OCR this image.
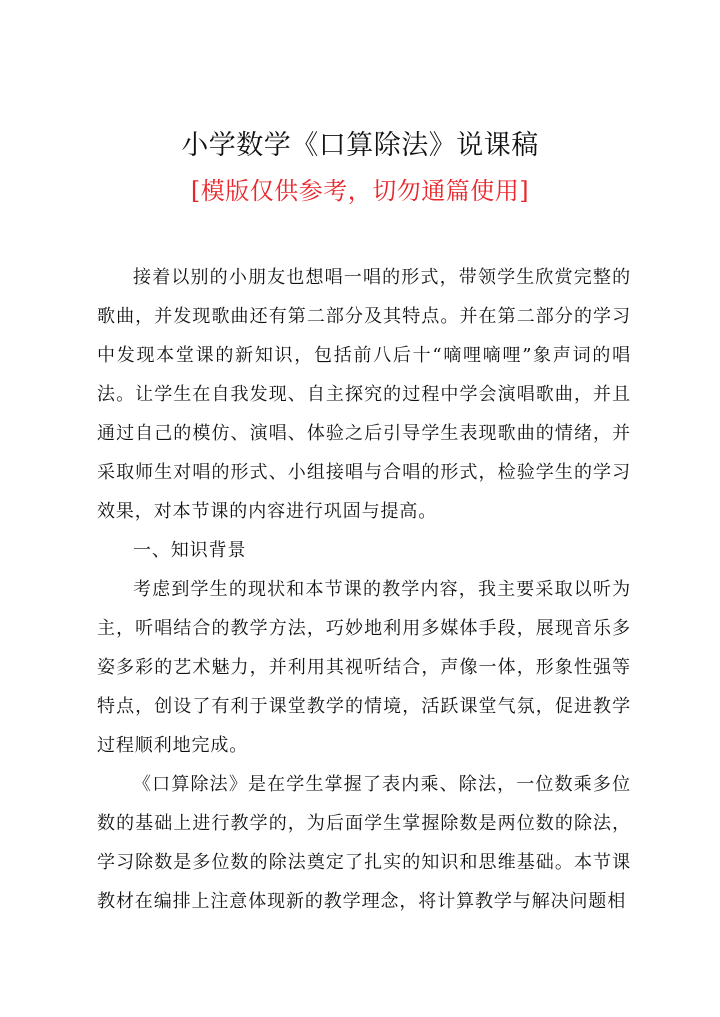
小学数学《口算除法》说课稿
[模版仅供参考，切勿通篇使用]

接着以别的小朋友也想唱一唱的形式，带领学生欣赏完整的歌曲，并发现歌曲还有第二部分及其特点。并在第二部分的学习中发现本堂课的新知识，包括前八后十“嘀哩嘀哩”象声词的唱法。让学生在自我发现、自主探究的过程中学会演唱歌曲，并且通过自己的模仿、演唱、体验之后引导学生表现歌曲的情绪，并采取师生对唱的形式、小组接唱与合唱的形式，检验学生的学习效果，对本节课的内容进行巩固与提高。

一、知识背景

考虑到学生的现状和本节课的教学内容，我主要采取以听为主，听唱结合的教学方法，巧妙地利用多媒体手段，展现音乐多姿多彩的艺术魅力，并利用其视听结合，声像一体，形象性强等特点，创设了有利于课堂教学的情境，活跃课堂气氛，促进教学过程顺利地完成。

《口算除法》是在学生掌握了表内乘、除法，一位数乘多位数的基础上进行教学的，为后面学生掌握除数是两位数的除法，学习除数是多位数的除法奠定了扎实的知识和思维基础。本节课教材在编排上注意体现新的教学理念，将计算教学与解决问题相
